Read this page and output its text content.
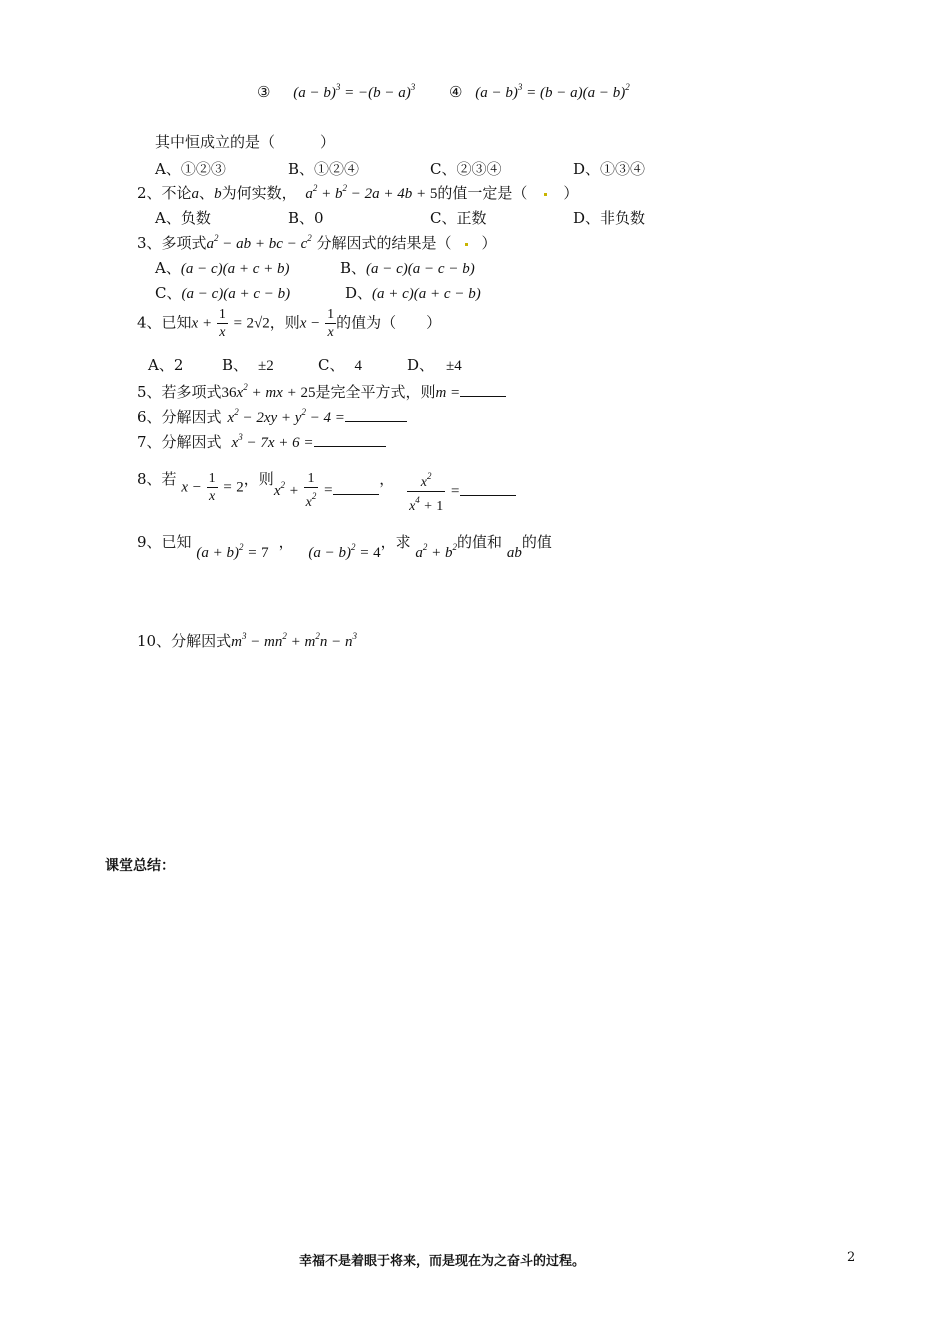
③ $(a - b)^3 = -(b - a)^3$ ④ $(a - b)^3 = (b - a)(a - b)^2$
其中恒成立的是（　　　）
A、①②③	B、①②④	C、②③④	D、①③④
2、不论a、b为何实数， $a^2 + b^2 - 2a + 4b + 5$的值一定是（ ）
A、负数	B、0	C、正数	D、非负数
3、多项式$a^2$ − ab + bc − $c^2$ 分解因式的结果是（ ）
A、(a − c)(a + c + b)	B、(a − c)(a − c − b)
C、(a − c)(a + c − b)	D、(a + c)(a + c − b)
4、已知$x + \frac{1}{x} = 2√2$，则$x - \frac{1}{x}$ 的值为（　　）
A、2	B、 ±2	C、 4	D、 ±4
5、若多项式$36x^2$ + mx + 25是完全平方式，则m =
6、分解因式 $x^2 - 2xy + y^2 - 4$ =
7、分解因式 $x^3 - 7x + 6$ =
8、若 $x - \frac{1}{x} = 2$，则$x^2 + \frac{1}{x^2}$ =， $\frac{x^2}{x^4 + 1}$ =
9、已知 $(a + b)^2 = 7$， $(a - b)^2 = 4$，求 $a^2 + b^2$的值和 ab的值
10、分解因式$m^3 - mn^2 + m^2n - n^3$
课堂总结：
幸福不是着眼于将来，而是现在为之奋斗的过程。	2
